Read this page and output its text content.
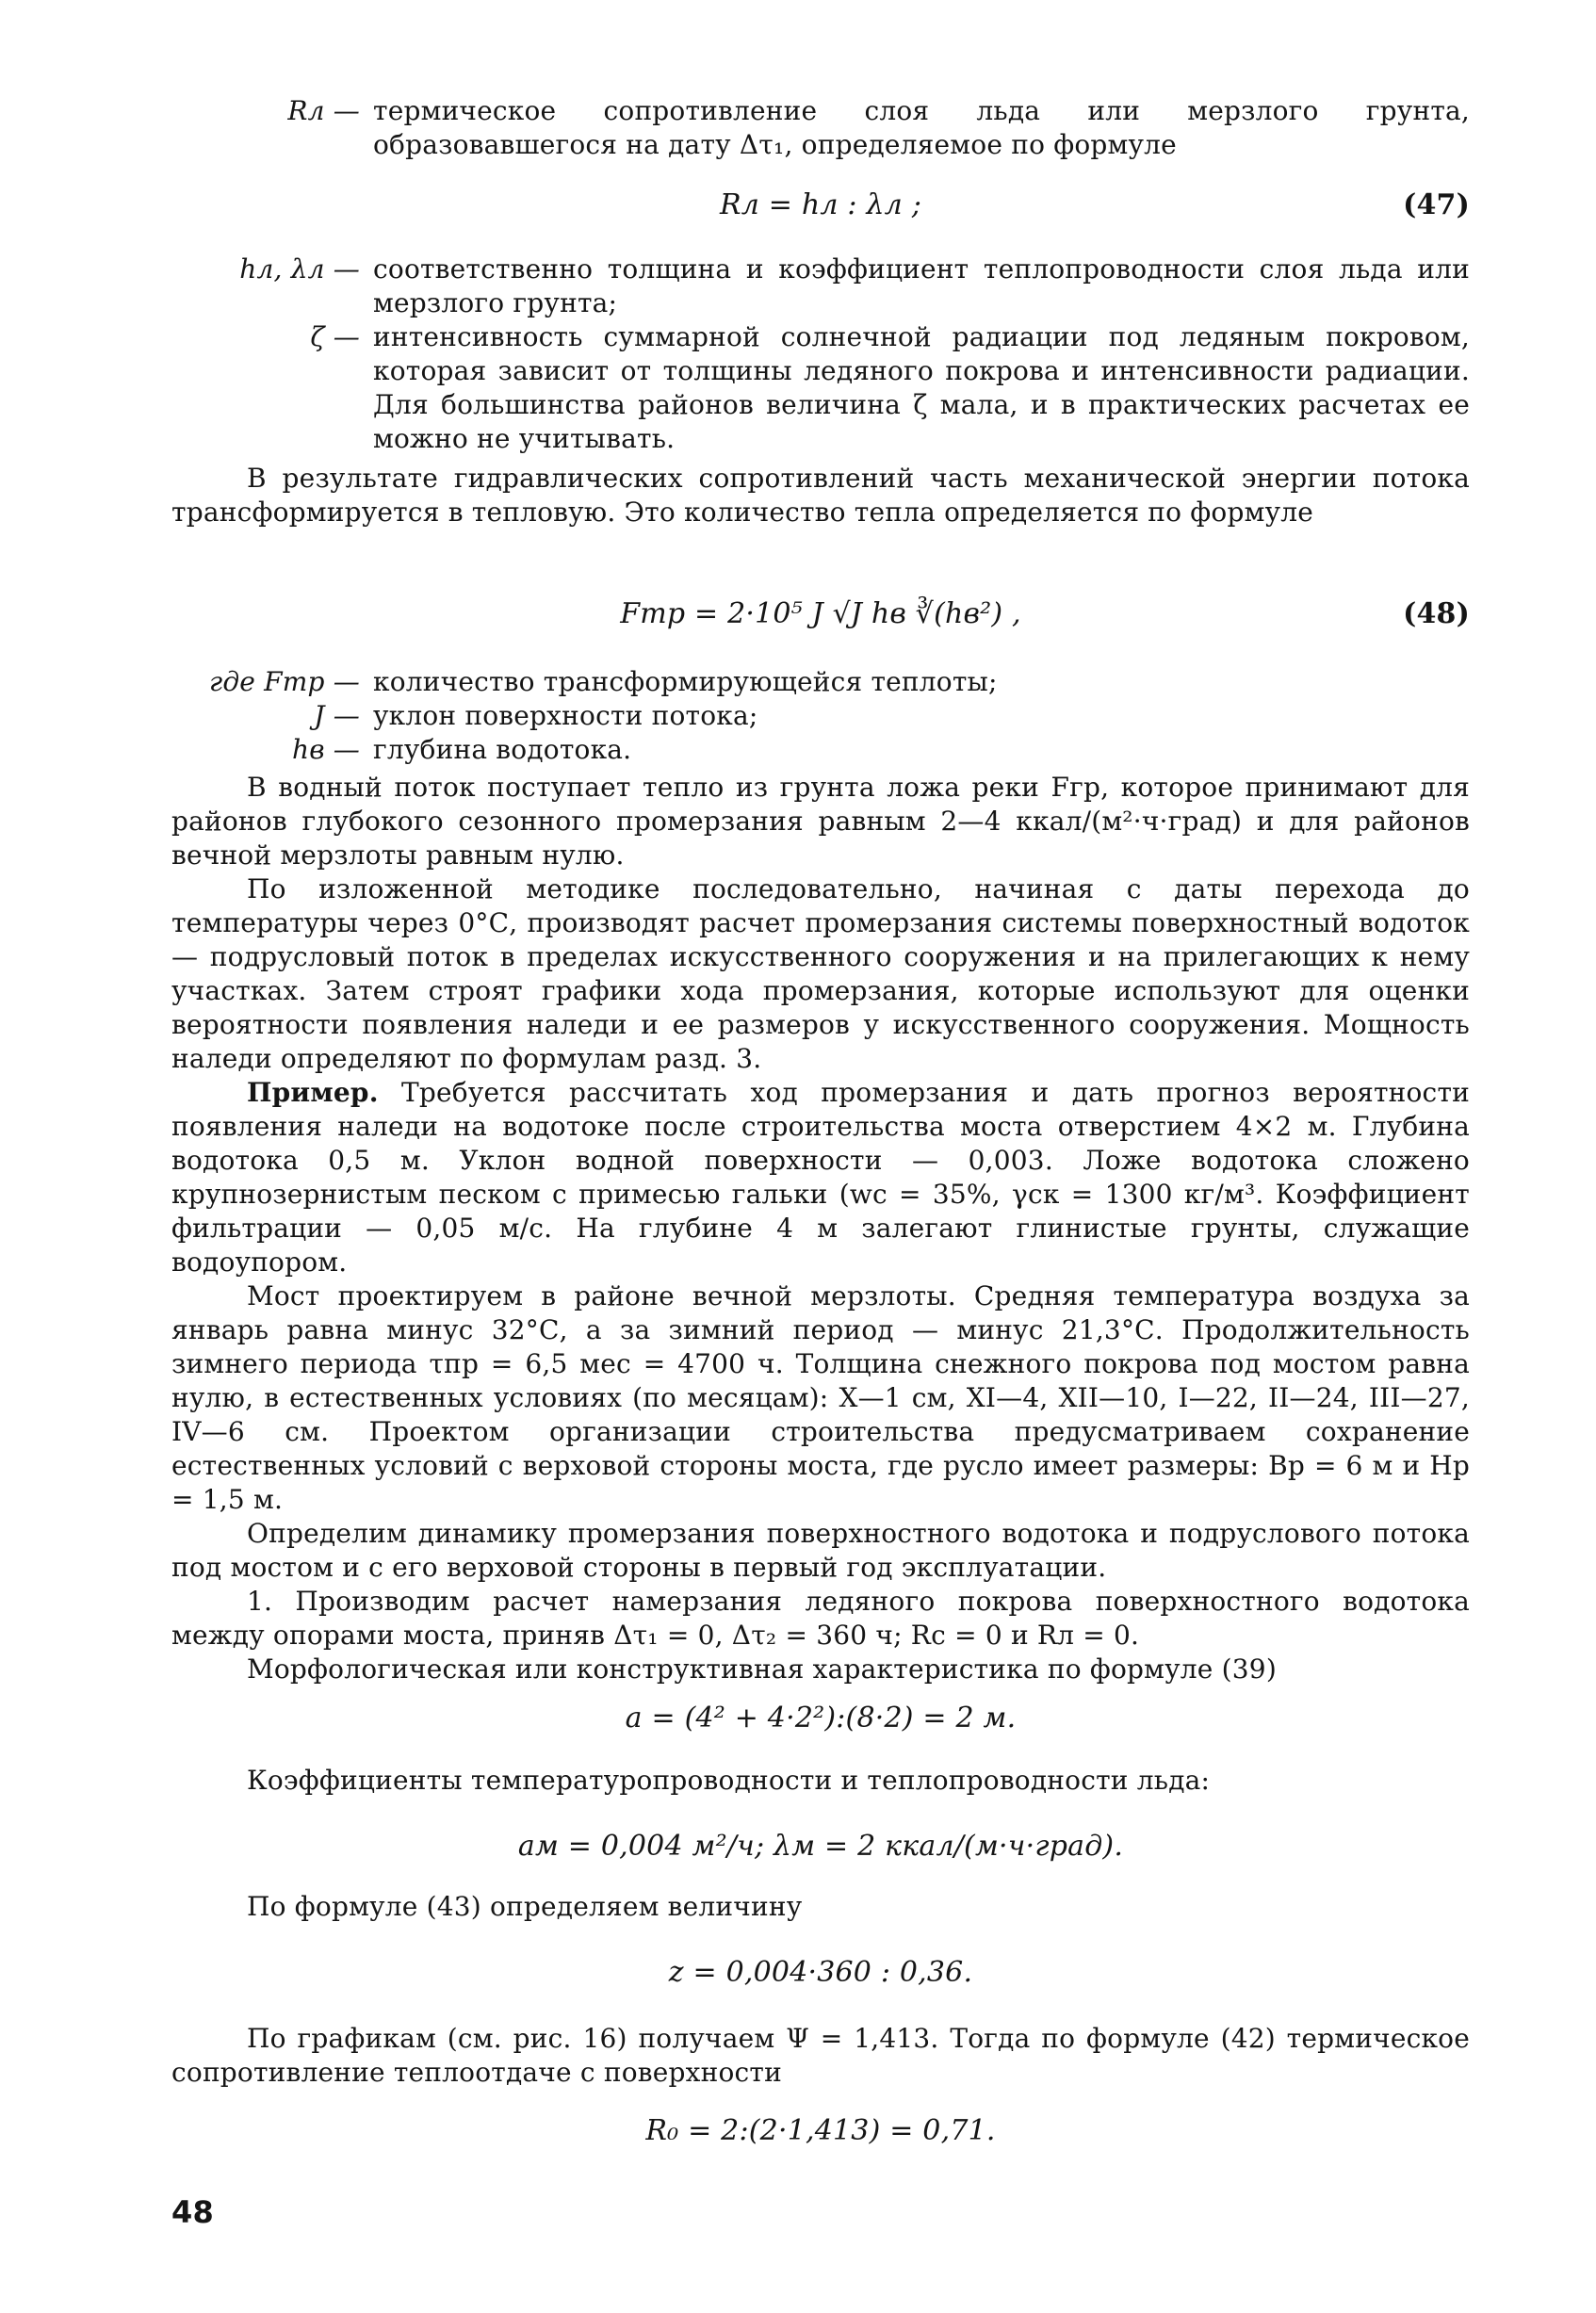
Rл — термическое сопротивление слоя льда или мерзлого грунта, образовавшегося на дату Δτ₁, определяемое по формуле
Rл = hл : λл ;	(47)
hл, λл — соответственно толщина и коэффициент теплопроводности слоя льда или мерзлого грунта;
ζ — интенсивность суммарной солнечной радиации под ледяным покровом, которая зависит от толщины ледяного покрова и интенсивности радиации. Для большинства районов величина ζ мала, и в практических расчетах ее можно не учитывать.

В результате гидравлических сопротивлений часть механической энергии потока трансформируется в тепловую. Это количество тепла определяется по формуле

Fтр = 2·10⁵ J √J hв ∛(hв²) ,	(48)
где Fтр — количество трансформирующейся теплоты;
J — уклон поверхности потока;
hв — глубина водотока.

В водный поток поступает тепло из грунта ложа реки Fгр, которое принимают для районов глубокого сезонного промерзания равным 2—4 ккал/(м²·ч·град) и для районов вечной мерзлоты равным нулю.

По изложенной методике последовательно, начиная с даты перехода до температуры через 0°С, производят расчет промерзания системы поверхностный водоток — подрусловый поток в пределах искусственного сооружения и на прилегающих к нему участках. Затем строят графики хода промерзания, которые используют для оценки вероятности появления наледи и ее размеров у искусственного сооружения. Мощность наледи определяют по формулам разд. 3.

Пример. Требуется рассчитать ход промерзания и дать прогноз вероятности появления наледи на водотоке после строительства моста отверстием 4×2 м. Глубина водотока 0,5 м. Уклон водной поверхности — 0,003. Ложе водотока сложено крупнозернистым песком с примесью гальки (wс = 35%, γск = 1300 кг/м³. Коэффициент фильтрации — 0,05 м/с. На глубине 4 м залегают глинистые грунты, служащие водоупором.

Мост проектируем в районе вечной мерзлоты. Средняя температура воздуха за январь равна минус 32°С, а за зимний период — минус 21,3°С. Продолжительность зимнего периода τпр = 6,5 мес = 4700 ч. Толщина снежного покрова под мостом равна нулю, в естественных условиях (по месяцам): X—1 см, XI—4, XII—10, I—22, II—24, III—27, IV—6 см. Проектом организации строительства предусматриваем сохранение естественных условий с верховой стороны моста, где русло имеет размеры: Bр = 6 м и Hр = 1,5 м.

Определим динамику промерзания поверхностного водотока и подруслового потока под мостом и с его верховой стороны в первый год эксплуатации.

1. Производим расчет намерзания ледяного покрова поверхностного водотока между опорами моста, приняв Δτ₁ = 0, Δτ₂ = 360 ч; Rс = 0 и Rл = 0.

Морфологическая или конструктивная характеристика по формуле (39)

a = (4² + 4·2²):(8·2) = 2 м.

Коэффициенты температуропроводности и теплопроводности льда:

aм = 0,004 м²/ч; λм = 2 ккал/(м·ч·град).

По формуле (43) определяем величину

z = 0,004·360 : 0,36.

По графикам (см. рис. 16) получаем Ψ = 1,413. Тогда по формуле (42) термическое сопротивление теплоотдаче с поверхности

R₀ = 2:(2·1,413) = 0,71.
48
